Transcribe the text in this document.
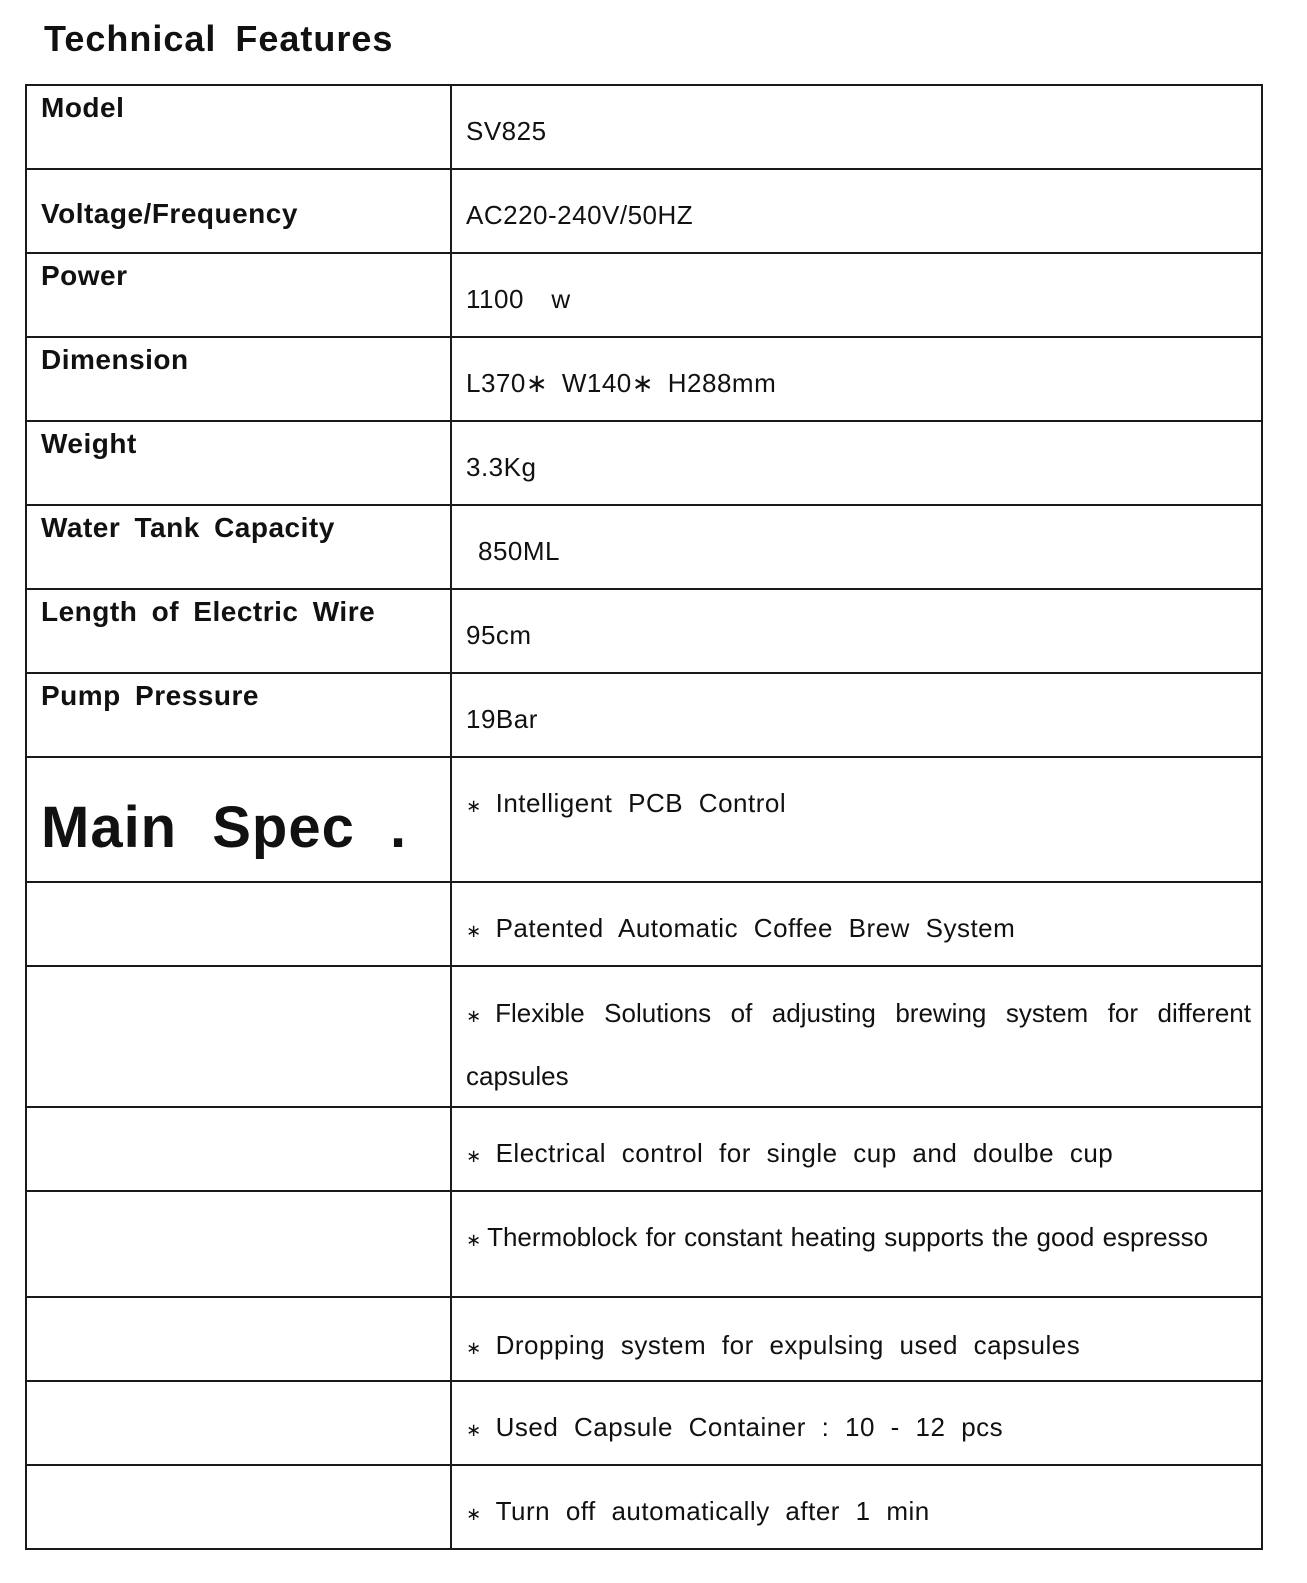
Technical Features
Model	SV825

Voltage/Frequency	AC220-240V/50HZ

Power	1100  w

Dimension	L370∗ W140∗ H288mm

Weight	3.3Kg

Water Tank Capacity	850ML

Length of Electric Wire	95cm

Pump Pressure	19Bar

Main Spec .	∗ Intelligent PCB Control

	∗ Patented Automatic Coffee Brew System

	∗ Flexible Solutions of adjusting brewing system for different capsules

	∗ Electrical control for single cup and doulbe cup

	∗ Thermoblock for constant heating supports the good espresso

	∗ Dropping system for expulsing used capsules

	∗ Used Capsule Container : 10 - 12 pcs

	∗ Turn off automatically after 1 min
